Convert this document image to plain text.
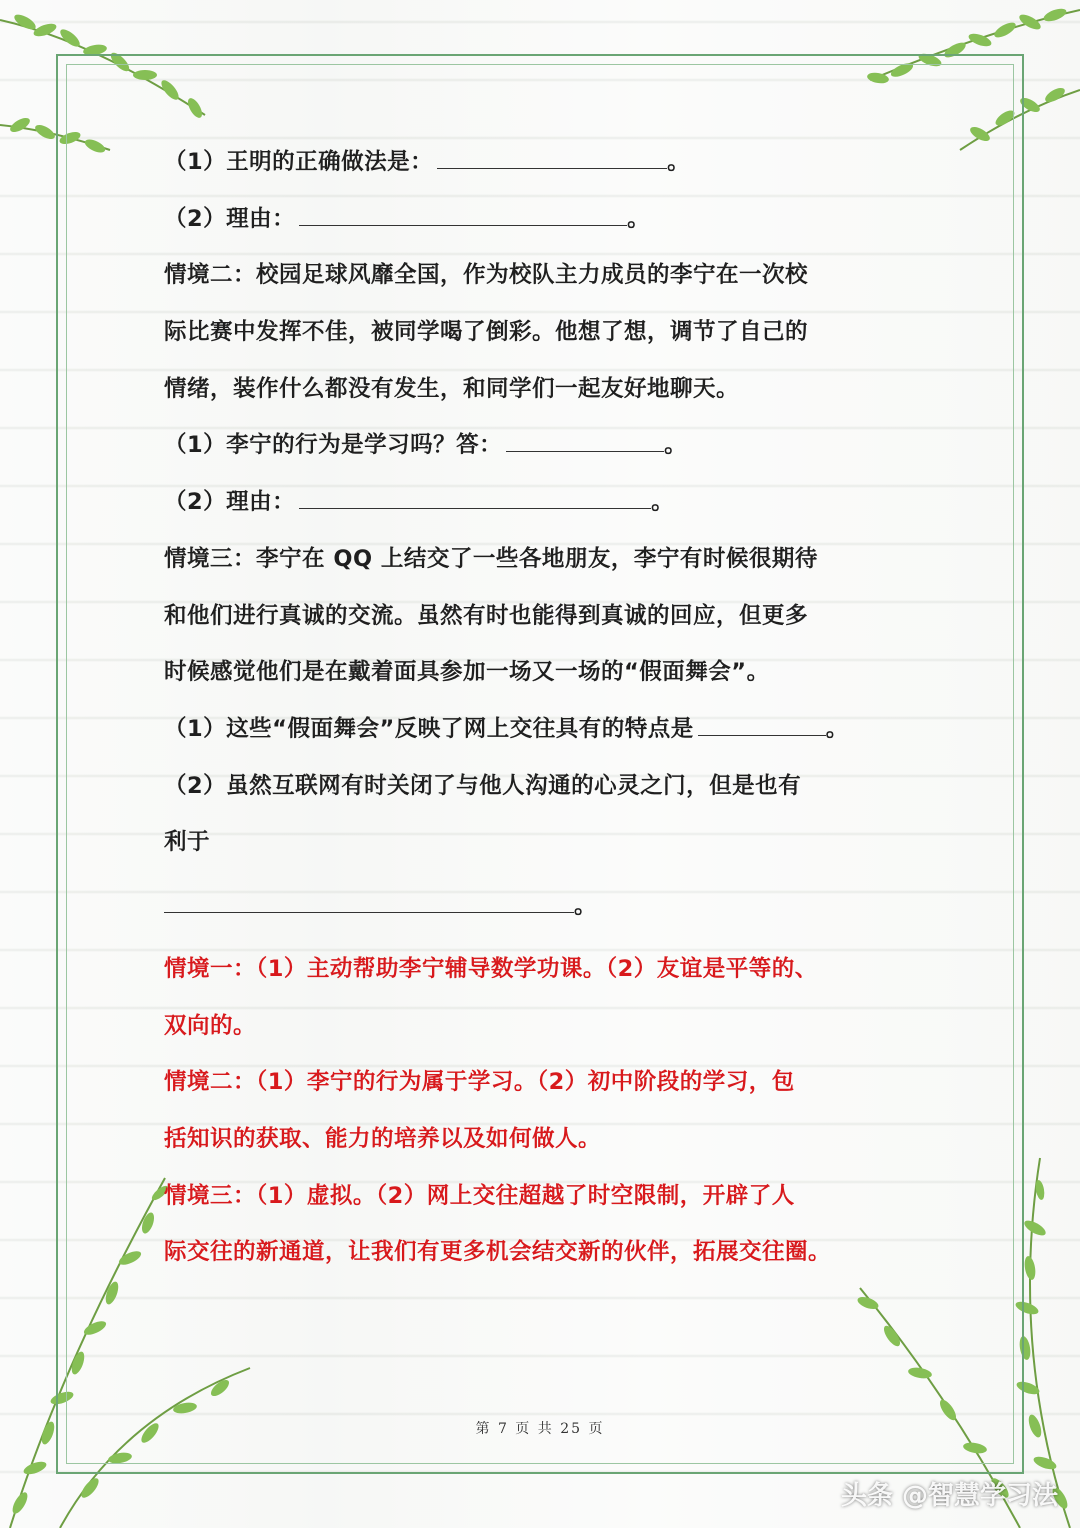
（1）王明的正确做法是：	。
（2）理由：	。
情境二：校园足球风靡全国，作为校队主力成员的李宁在一次校
际比赛中发挥不佳，被同学喝了倒彩。他想了想，调节了自己的
情绪，装作什么都没有发生，和同学们一起友好地聊天。
（1）李宁的行为是学习吗？答：	。
（2）理由：	。
情境三：李宁在 QQ 上结交了一些各地朋友，李宁有时候很期待
和他们进行真诚的交流。虽然有时也能得到真诚的回应，但更多
时候感觉他们是在戴着面具参加一场又一场的“假面舞会”。
（1）这些“假面舞会”反映了网上交往具有的特点是	。
（2）虽然互联网有时关闭了与他人沟通的心灵之门，但是也有
利于
。
情境一：（1）主动帮助李宁辅导数学功课。（2）友谊是平等的、
双向的。
情境二：（1）李宁的行为属于学习。（2）初中阶段的学习，包
括知识的获取、能力的培养以及如何做人。
情境三：（1）虚拟。（2）网上交往超越了时空限制，开辟了人
际交往的新通道，让我们有更多机会结交新的伙伴，拓展交往圈。
第 7 页 共 25 页
头条 @智慧学习法
